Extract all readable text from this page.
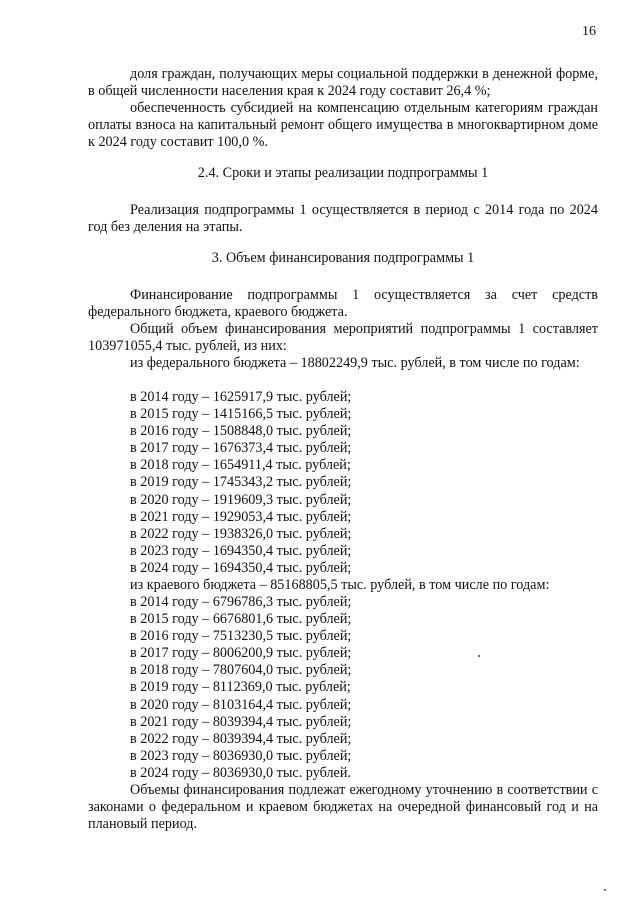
16
доля граждан, получающих меры социальной поддержки в денежной форме, в общей численности населения края к 2024 году составит 26,4 %;
обеспеченность субсидией на компенсацию отдельным категориям граждан оплаты взноса на капитальный ремонт общего имущества в многоквартирном доме к 2024 году составит 100,0 %.
2.4. Сроки и этапы реализации подпрограммы 1
Реализация подпрограммы 1 осуществляется в период с 2014 года по 2024 год без деления на этапы.
3. Объем финансирования подпрограммы 1
Финансирование подпрограммы 1 осуществляется за счет средств федерального бюджета, краевого бюджета.
Общий объем финансирования мероприятий подпрограммы 1 составляет 103971055,4 тыс. рублей, из них:
из федерального бюджета – 18802249,9 тыс. рублей, в том числе по годам:
в 2014 году – 1625917,9 тыс. рублей;
в 2015 году – 1415166,5 тыс. рублей;
в 2016 году – 1508848,0 тыс. рублей;
в 2017 году – 1676373,4 тыс. рублей;
в 2018 году – 1654911,4 тыс. рублей;
в 2019 году – 1745343,2 тыс. рублей;
в 2020 году – 1919609,3 тыс. рублей;
в 2021 году – 1929053,4 тыс. рублей;
в 2022 году – 1938326,0 тыс. рублей;
в 2023 году – 1694350,4 тыс. рублей;
в 2024 году – 1694350,4 тыс. рублей;
из краевого бюджета – 85168805,5 тыс. рублей, в том числе по годам:
в 2014 году – 6796786,3 тыс. рублей;
в 2015 году – 6676801,6 тыс. рублей;
в 2016 году – 7513230,5 тыс. рублей;
в 2017 году – 8006200,9 тыс. рублей;
в 2018 году – 7807604,0 тыс. рублей;
в 2019 году – 8112369,0 тыс. рублей;
в 2020 году – 8103164,4 тыс. рублей;
в 2021 году – 8039394,4 тыс. рублей;
в 2022 году – 8039394,4 тыс. рублей;
в 2023 году – 8036930,0 тыс. рублей;
в 2024 году – 8036930,0 тыс. рублей.
Объемы финансирования подлежат ежегодному уточнению в соответствии с законами о федеральном и краевом бюджетах на очередной финансовый год и на плановый период.
